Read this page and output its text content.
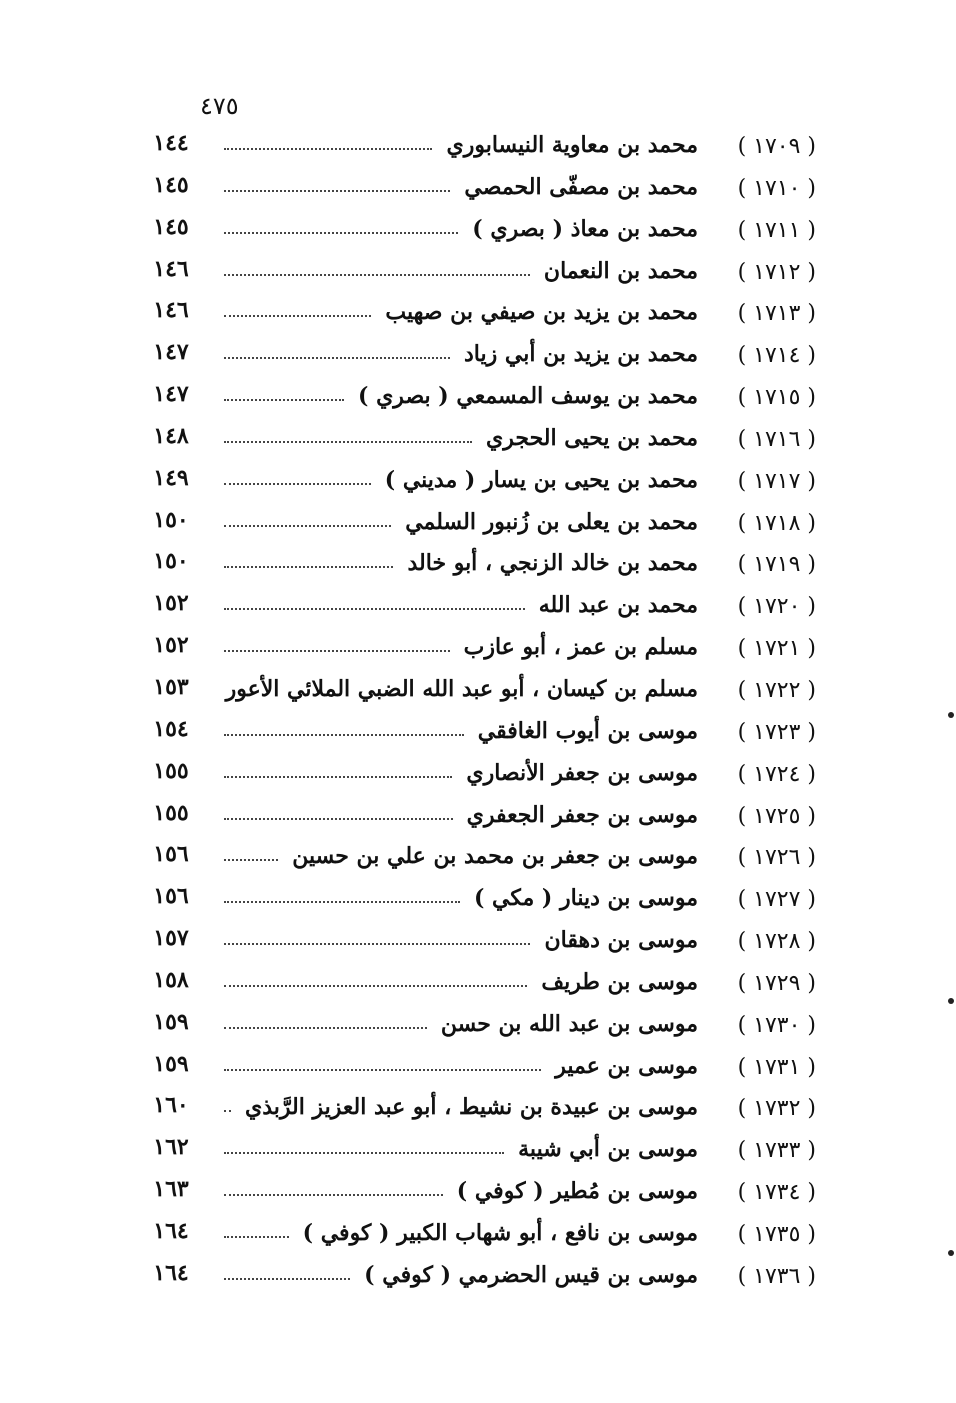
٤٧٥
( ١٧٠٩ )
محمد بن معاوية النيسابوري
١٤٤
( ١٧١٠ )
محمد بن مصفّى الحمصي
١٤٥
( ١٧١١ )
محمد بن معاذ ( بصري )
١٤٥
( ١٧١٢ )
محمد بن النعمان
١٤٦
( ١٧١٣ )
محمد بن يزيد بن صيفي بن صهيب
١٤٦
( ١٧١٤ )
محمد بن يزيد بن أبي زياد
١٤٧
( ١٧١٥ )
محمد بن يوسف المسمعي ( بصري )
١٤٧
( ١٧١٦ )
محمد بن يحيى الحجري
١٤٨
( ١٧١٧ )
محمد بن يحيى بن يسار ( مديني )
١٤٩
( ١٧١٨ )
محمد بن يعلى بن زُنبور السلمي
١٥٠
( ١٧١٩ )
محمد بن خالد الزنجي ، أبو خالد
١٥٠
( ١٧٢٠ )
محمد بن عبد الله
١٥٢
( ١٧٢١ )
مسلم بن عمز ، أبو عازب
١٥٢
( ١٧٢٢ )
مسلم بن كيسان ، أبو عبد الله الضبي الملائي الأعور
١٥٣
( ١٧٢٣ )
موسى بن أيوب الغافقي
١٥٤
( ١٧٢٤ )
موسى بن جعفر الأنصاري
١٥٥
( ١٧٢٥ )
موسى بن جعفر الجعفري
١٥٥
( ١٧٢٦ )
موسى بن جعفر بن محمد بن علي بن حسين
١٥٦
( ١٧٢٧ )
موسى بن دينار ( مكي )
١٥٦
( ١٧٢٨ )
موسى بن دهقان
١٥٧
( ١٧٢٩ )
موسى بن طريف
١٥٨
( ١٧٣٠ )
موسى بن عبد الله بن حسن
١٥٩
( ١٧٣١ )
موسى بن عمير
١٥٩
( ١٧٣٢ )
موسى بن عبيدة بن نشيط ، أبو عبد العزيز الرَّبذي
١٦٠
( ١٧٣٣ )
موسى بن أبي شيبة
١٦٢
( ١٧٣٤ )
موسى بن مُطير ( كوفي )
١٦٣
( ١٧٣٥ )
موسى بن نافع ، أبو شهاب الكبير ( كوفي )
١٦٤
( ١٧٣٦ )
موسى بن قيس الحضرمي ( كوفي )
١٦٤
